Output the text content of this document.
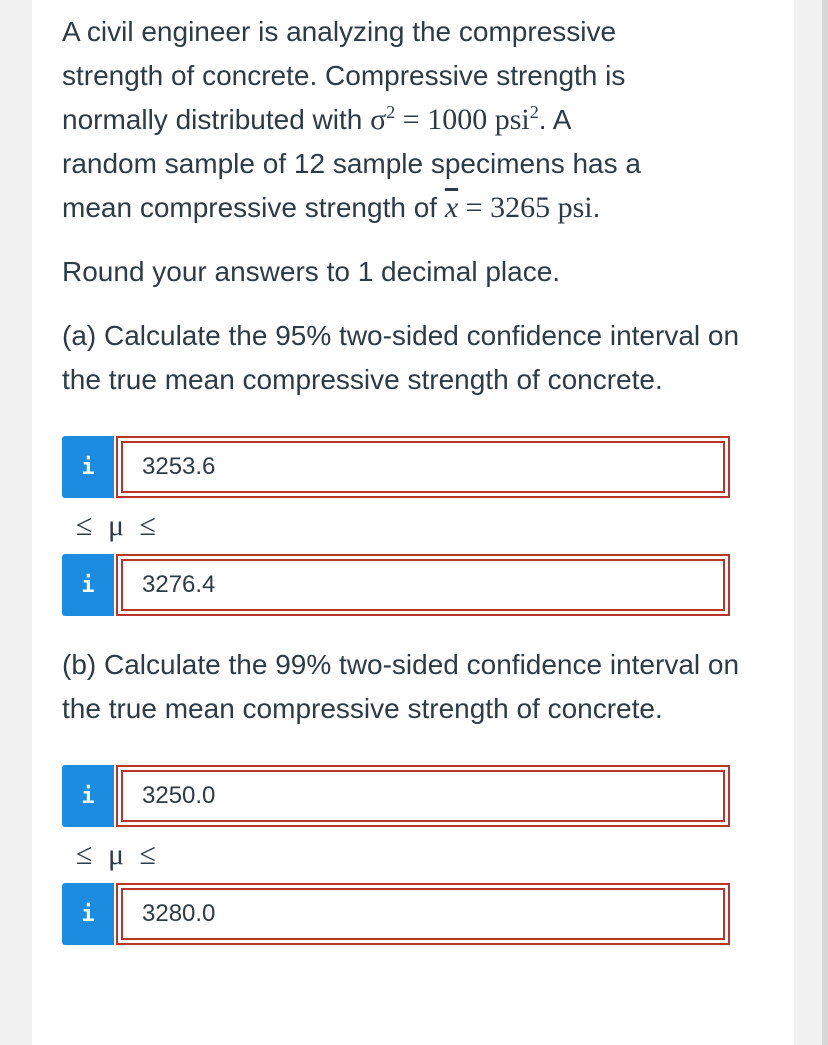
A civil engineer is analyzing the compressive

strength of concrete. Compressive strength is

normally distributed with $\sigma^2 = 1000$ psi$^2$. A

random sample of 12 sample specimens has a

mean compressive strength of $\overline{x} = 3265$ psi.

Round your answers to 1 decimal place.

(a) Calculate the 95% two-sided confidence interval on the true mean compressive strength of concrete.

i	3253.6
≤ μ ≤
i	3276.4

(b) Calculate the 99% two-sided confidence interval on the true mean compressive strength of concrete.

i	3250.0
≤ μ ≤
i	3280.0
